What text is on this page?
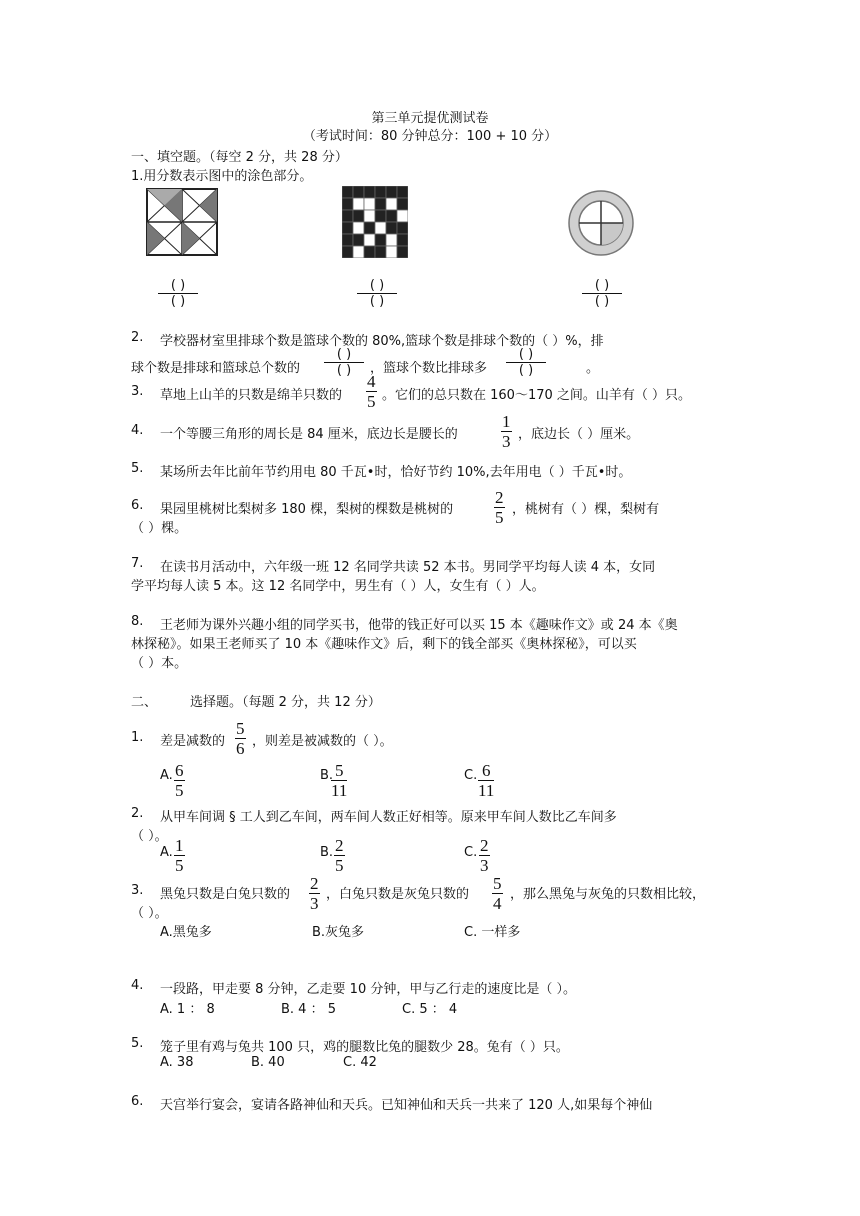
第三单元提优测试卷
（考试时间：80 分钟总分：100 + 10 分）
一、填空题。（每空 2 分，共 28 分）
1.用分数表示图中的涂色部分。
( )
( )
( )
( )
( )
( )
2. 学校器材室里排球个数是篮球个数的 80%,篮球个数是排球个数的（ ）%，排
球个数是排球和篮球总个数的
( )
( )	，篮球个数比排球多
( )
( )	。
3. 草地上山羊的只数是绵羊只数的 $\frac{4}{5}$ 。它们的总只数在 160～170 之间。山羊有（ ）只。
4. 一个等腰三角形的周长是 84 厘米，底边长是腰长的	$\frac{1}{3}$ ，底边长（ ）厘米。
5. 某场所去年比前年节约用电 80 千瓦•时，恰好节约 10%,去年用电（ ）千瓦•时。
6. 果园里桃树比梨树多 180 棵，梨树的棵数是桃树的 $\frac{2}{5}$ ，桃树有（ ）棵，梨树有
（ ）棵。
7. 在读书月活动中，六年级一班 12 名同学共读 52 本书。男同学平均每人读 4 本，女同
学平均每人读 5 本。这 12 名同学中，男生有（ ）人，女生有（ ）人。
8. 王老师为课外兴趣小组的同学买书，他带的钱正好可以买 15 本《趣味作文》或 24 本《奥
林探秘》。如果王老师买了 10 本《趣味作文》后，剩下的钱全部买《奥林探秘》，可以买
（ ）本。
二、	选择题。（每题 2 分，共 12 分）
1. 差是减数的 $\frac{5}{6}$ ，则差是被减数的（ ）。
A. $\frac{6}{5}$	B.
$\frac{5}{11}$	C. $\frac{6}{11}$
2. 从甲车间调 § 工人到乙车间，两车间人数正好相等。原来甲车间人数比乙车间多
（ ）。
A. $\frac{1}{5}$	B. $\frac{2}{5}$	C. $\frac{2}{3}$
3. 黑兔只数是白兔只数的 $\frac{2}{3}$ ，白兔只数是灰兔只数的 $\frac{5}{4}$ ，那么黑兔与灰兔的只数相比较，
（ ）。
A.黑兔多	B.灰兔多	C. 一样多
4. 一段路，甲走要 8 分钟，乙走要 10 分钟，甲与乙行走的速度比是（ ）。
A. 1 ： 8	B. 4 ： 5	C. 5 ： 4
5. 笼子里有鸡与兔共 100 只，鸡的腿数比兔的腿数少 28。兔有（ ）只。
A. 38	B. 40	C. 42
6. 天宫举行宴会，宴请各路神仙和天兵。已知神仙和天兵一共来了 120 人,如果每个神仙
